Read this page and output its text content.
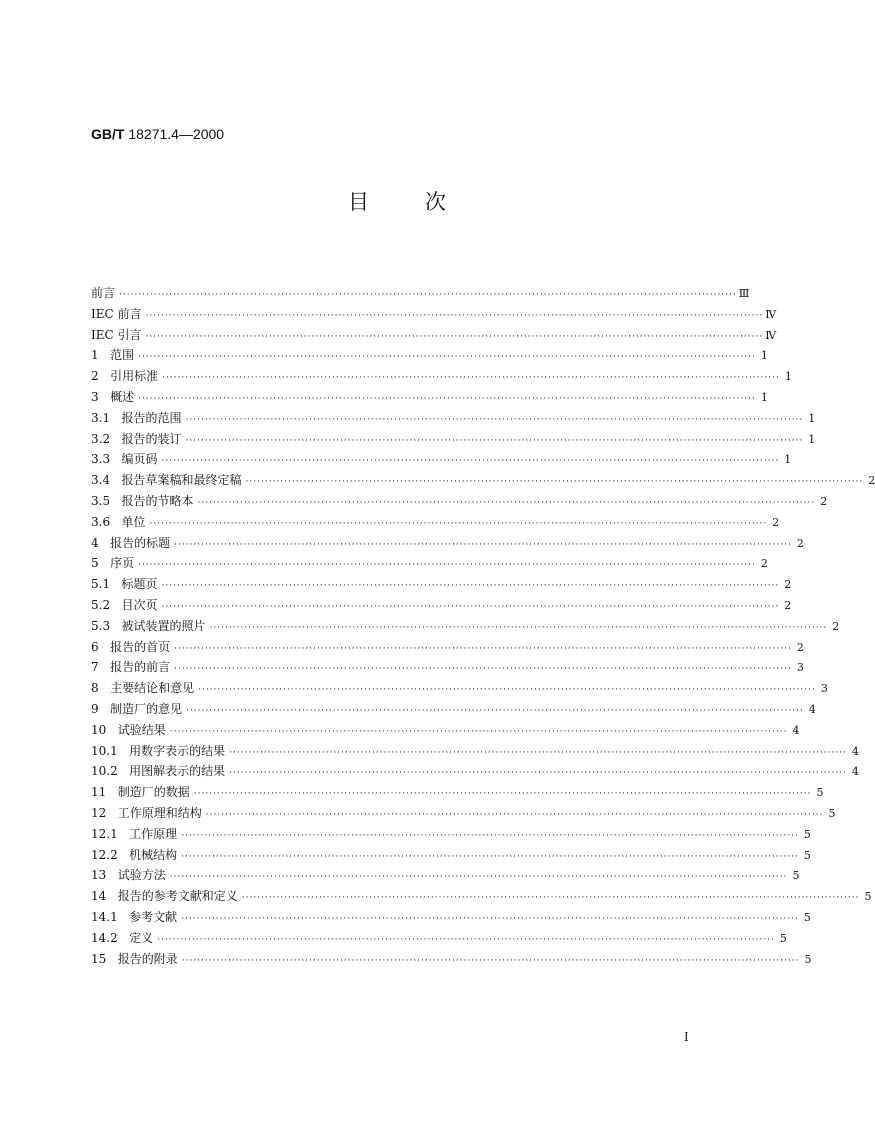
GB/T 18271.4—2000
目	次
前言 ································································································································································ Ⅲ
IEC 前言 ································································································································································ Ⅳ
IEC 引言 ································································································································································ Ⅳ
1 范围 ································································································································································ 1
2 引用标准 ································································································································································ 1
3 概述 ································································································································································ 1
3.1 报告的范围 ································································································································································ 1
3.2 报告的装订 ································································································································································ 1
3.3 编页码 ································································································································································ 1
3.4 报告草案稿和最终定稿 ································································································································································ 2
3.5 报告的节略本 ································································································································································ 2
3.6 单位 ································································································································································ 2
4 报告的标题 ································································································································································ 2
5 序页 ································································································································································ 2
5.1 标题页 ································································································································································ 2
5.2 目次页 ································································································································································ 2
5.3 被试装置的照片 ································································································································································ 2
6 报告的首页 ································································································································································ 2
7 报告的前言 ································································································································································ 3
8 主要结论和意见 ································································································································································ 3
9 制造厂的意见 ································································································································································ 4
10 试验结果 ································································································································································ 4
10.1 用数字表示的结果 ································································································································································ 4
10.2 用图解表示的结果 ································································································································································ 4
11 制造厂的数据 ································································································································································ 5
12 工作原理和结构 ································································································································································ 5
12.1 工作原理 ································································································································································ 5
12.2 机械结构 ································································································································································ 5
13 试验方法 ································································································································································ 5
14 报告的参考文献和定义 ································································································································································ 5
14.1 参考文献 ································································································································································ 5
14.2 定义 ································································································································································ 5
15 报告的附录 ································································································································································ 5
I
